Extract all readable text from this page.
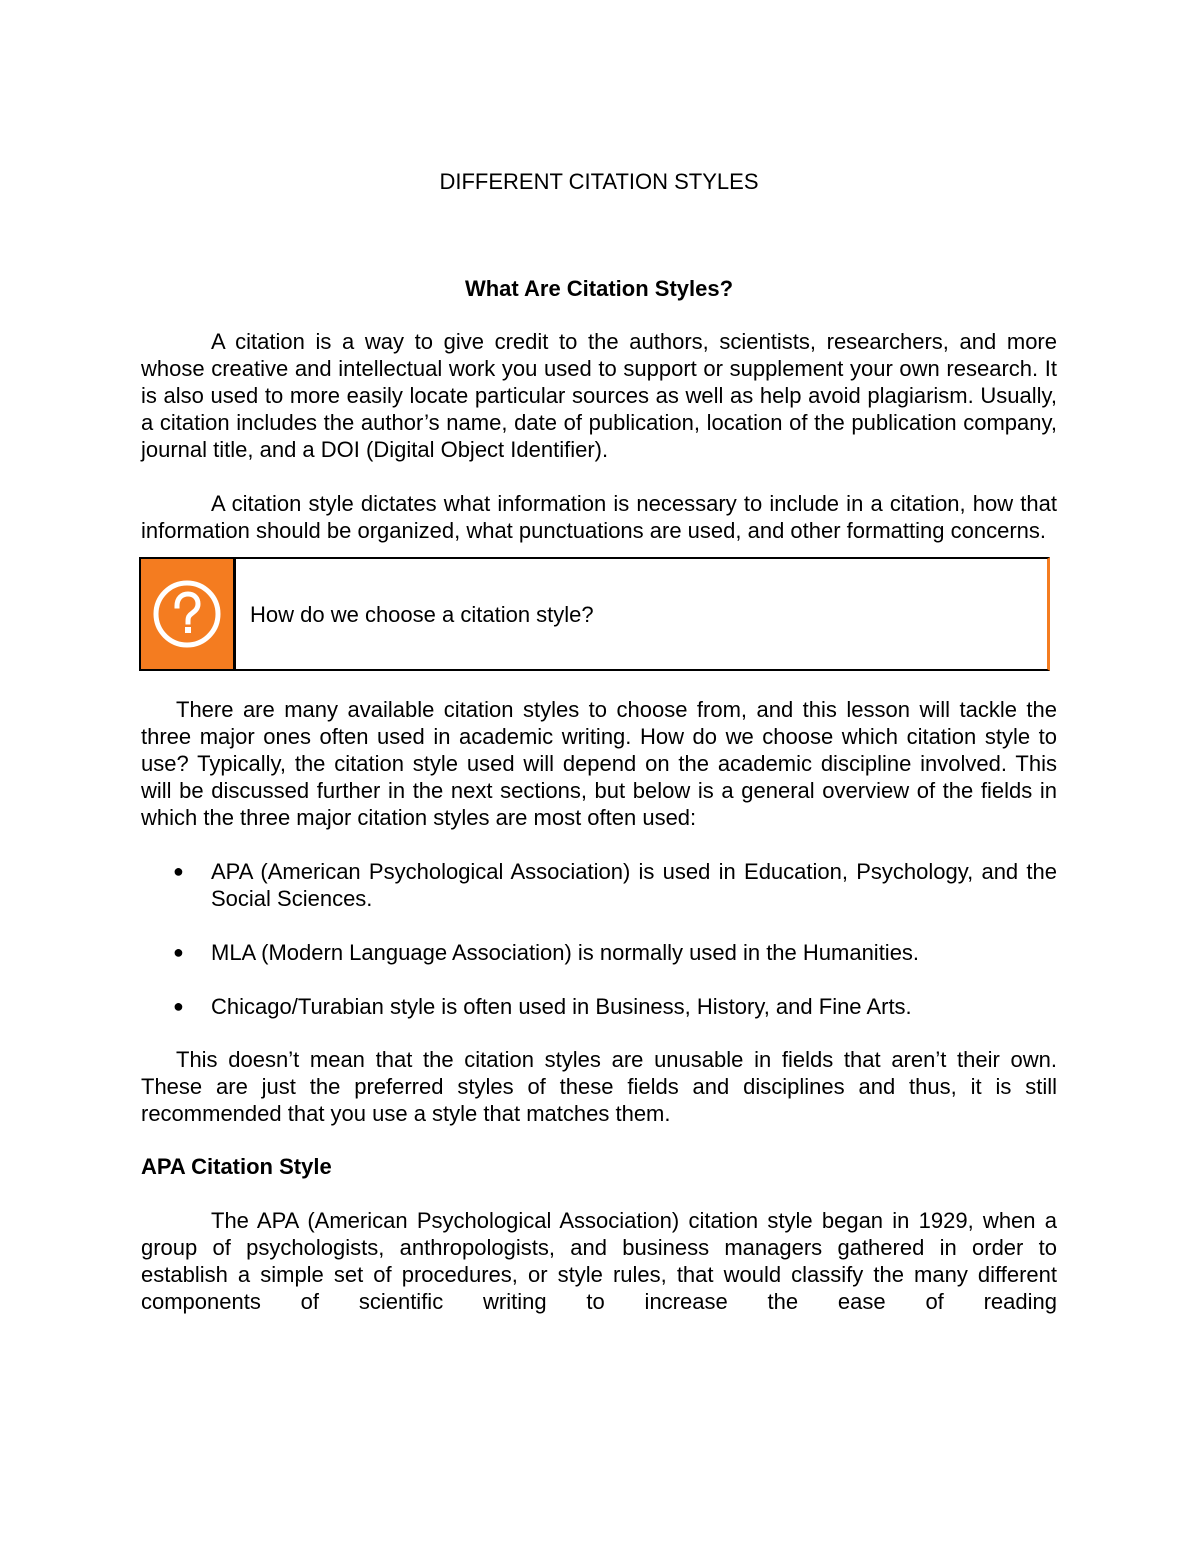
DIFFERENT CITATION STYLES
What Are Citation Styles?

A citation is a way to give credit to the authors, scientists, researchers, and more whose creative and intellectual work you used to support or supplement your own research. It is also used to more easily locate particular sources as well as help avoid plagiarism. Usually, a citation includes the author’s name, date of publication, location of the publication company, journal title, and a DOI (Digital Object Identifier).

A citation style dictates what information is necessary to include in a citation, how that information should be organized, what punctuations are used, and other formatting concerns.

How do we choose a citation style?

There are many available citation styles to choose from, and this lesson will tackle the three major ones often used in academic writing. How do we choose which citation style to use? Typically, the citation style used will depend on the academic discipline involved. This will be discussed further in the next sections, but below is a general overview of the fields in which the three major citation styles are most often used:

● APA (American Psychological Association) is used in Education, Psychology, and the Social Sciences.
● MLA (Modern Language Association) is normally used in the Humanities.
● Chicago/Turabian style is often used in Business, History, and Fine Arts.

This doesn’t mean that the citation styles are unusable in fields that aren’t their own. These are just the preferred styles of these fields and disciplines and thus, it is still recommended that you use a style that matches them.

APA Citation Style

The APA (American Psychological Association) citation style began in 1929, when a group of psychologists, anthropologists, and business managers gathered in order to establish a simple set of procedures, or style rules, that would classify the many different components of scientific writing to increase the ease of reading
